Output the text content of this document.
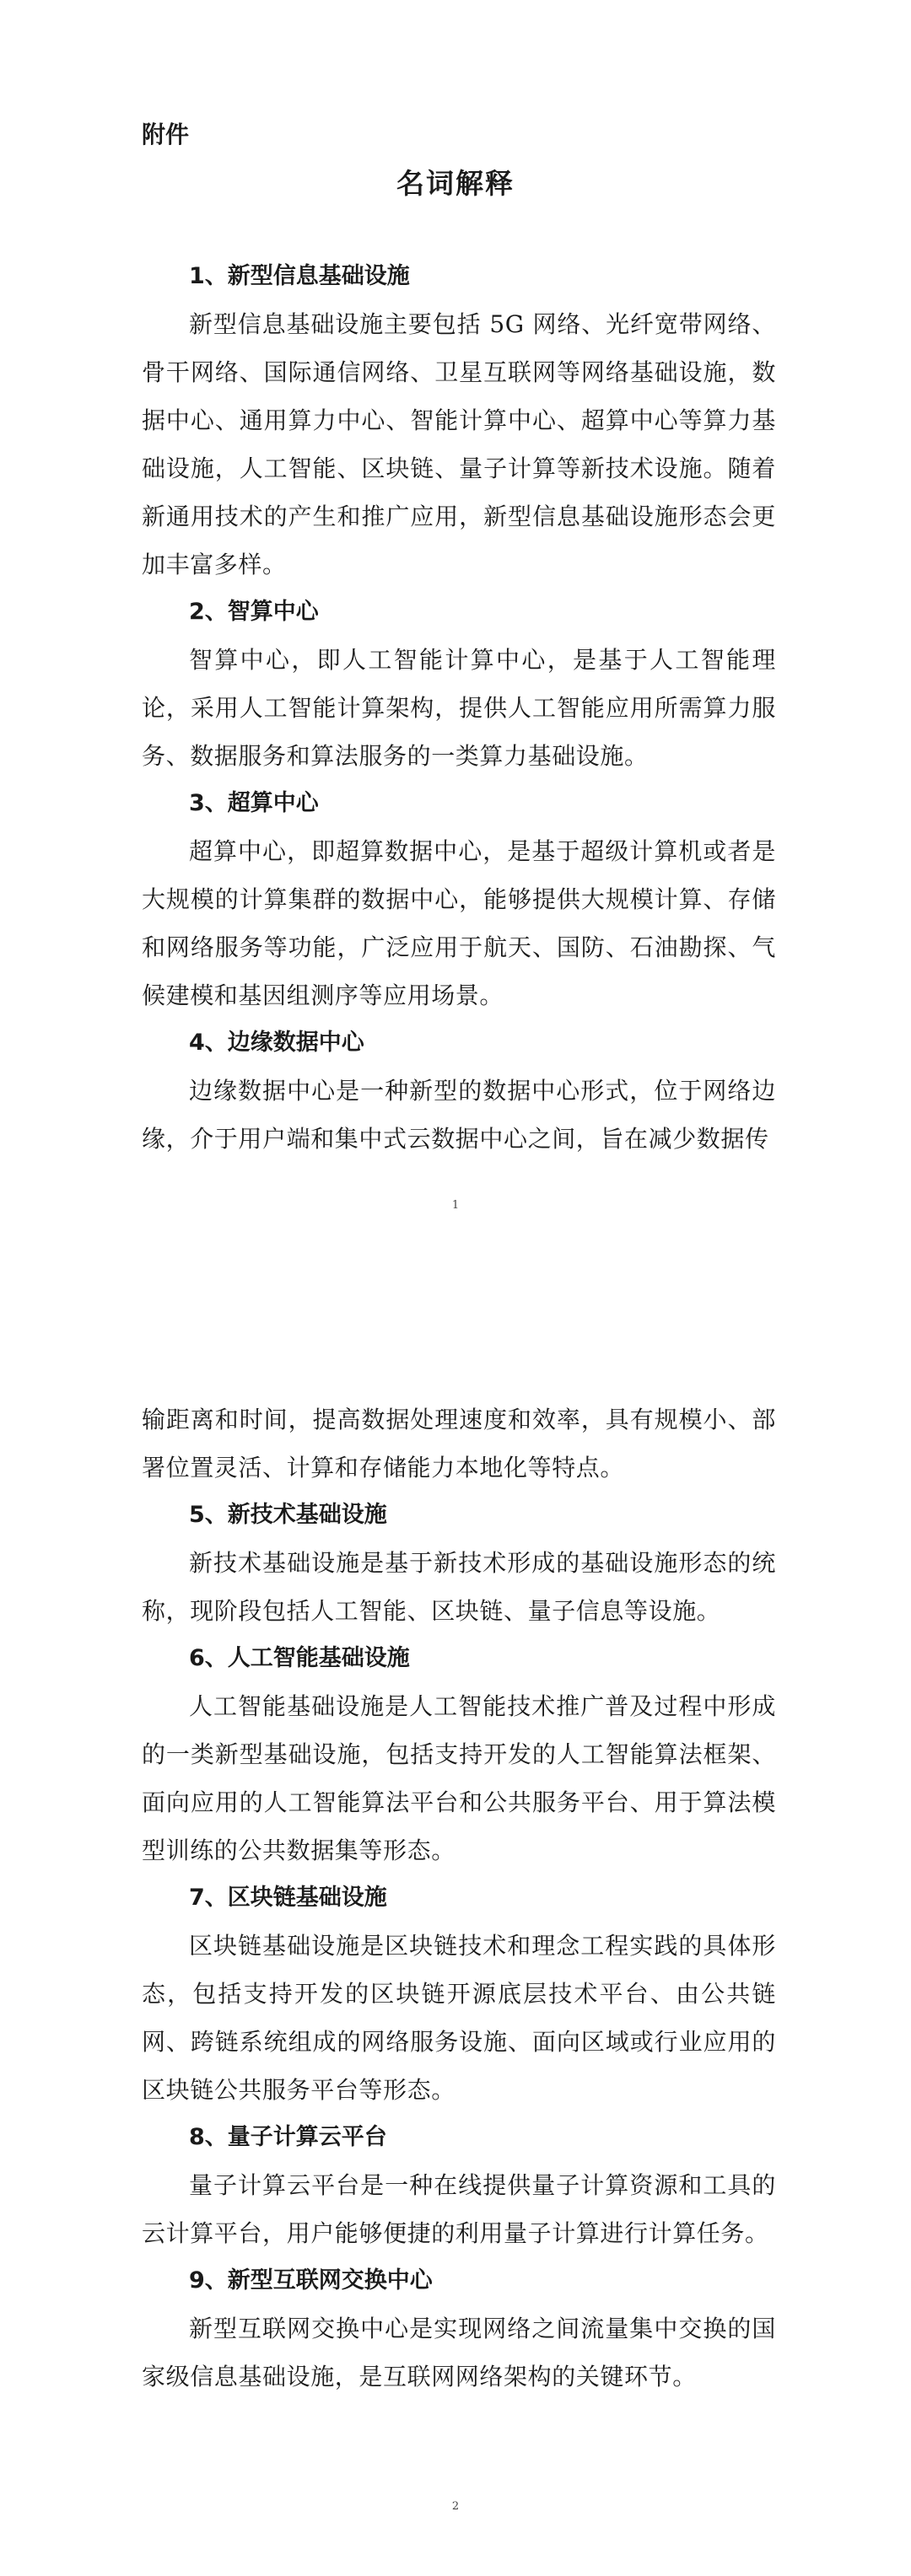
附件

名词解释
1、新型信息基础设施

新型信息基础设施主要包括 5G 网络、光纤宽带网络、骨干网络、国际通信网络、卫星互联网等网络基础设施，数据中心、通用算力中心、智能计算中心、超算中心等算力基础设施，人工智能、区块链、量子计算等新技术设施。随着新通用技术的产生和推广应用，新型信息基础设施形态会更加丰富多样。

2、智算中心

智算中心，即人工智能计算中心，是基于人工智能理论，采用人工智能计算架构，提供人工智能应用所需算力服务、数据服务和算法服务的一类算力基础设施。

3、超算中心

超算中心，即超算数据中心，是基于超级计算机或者是大规模的计算集群的数据中心，能够提供大规模计算、存储和网络服务等功能，广泛应用于航天、国防、石油勘探、气候建模和基因组测序等应用场景。

4、边缘数据中心

边缘数据中心是一种新型的数据中心形式，位于网络边缘，介于用户端和集中式云数据中心之间，旨在减少数据传

1

输距离和时间，提高数据处理速度和效率，具有规模小、部署位置灵活、计算和存储能力本地化等特点。

5、新技术基础设施

新技术基础设施是基于新技术形成的基础设施形态的统称，现阶段包括人工智能、区块链、量子信息等设施。

6、人工智能基础设施

人工智能基础设施是人工智能技术推广普及过程中形成的一类新型基础设施，包括支持开发的人工智能算法框架、面向应用的人工智能算法平台和公共服务平台、用于算法模型训练的公共数据集等形态。

7、区块链基础设施

区块链基础设施是区块链技术和理念工程实践的具体形态，包括支持开发的区块链开源底层技术平台、由公共链网、跨链系统组成的网络服务设施、面向区域或行业应用的区块链公共服务平台等形态。

8、量子计算云平台

量子计算云平台是一种在线提供量子计算资源和工具的云计算平台，用户能够便捷的利用量子计算进行计算任务。

9、新型互联网交换中心

新型互联网交换中心是实现网络之间流量集中交换的国家级信息基础设施，是互联网网络架构的关键环节。

2
